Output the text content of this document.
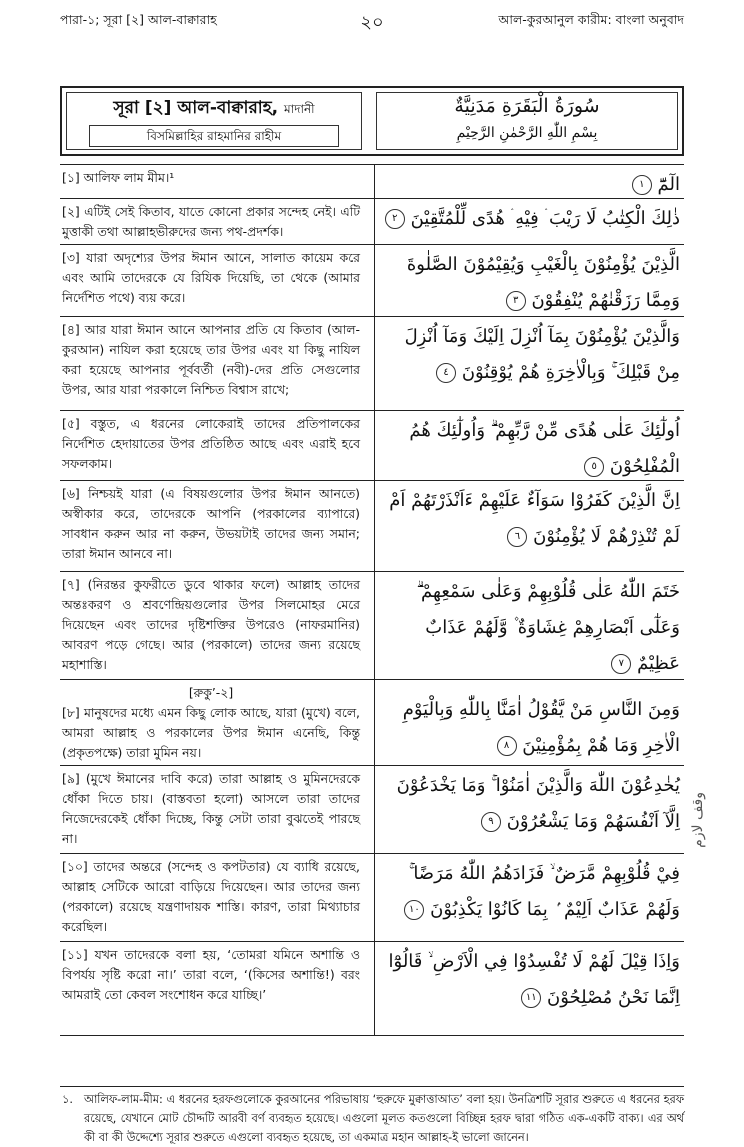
পারা-১; সূরা [২] আল-বাক্বারাহ	২০	আল-কুরআনুল কারীম: বাংলা অনুবাদ
সূরা [২] আল-বাক্বারাহ, মাদানী
বিসমিল্লাহির রাহমানির রাহীম
سُورَةُ الْبَقَرَةِ مَدَنِيَّةٌ
بِسْمِ اللّٰهِ الرَّحْمٰنِ الرَّحِيْمِ
[১] আলিফ লাম মীম।¹	الٓمّٓ ١
[২] এটিই সেই কিতাব, যাতে কোনো প্রকার সন্দেহ নেই। এটি মুত্তাকী তথা আল্লাহভীরুদের জন্য পথ-প্রদর্শক।
ذٰلِكَ الْكِتٰبُ لَا رَيْبَ ۛ فِيْهِ ۛ هُدًى لِّلْمُتَّقِيْنَ ٢
[৩] যারা অদৃশ্যের উপর ঈমান আনে, সালাত কায়েম করে এবং আমি তাদেরকে যে রিযিক দিয়েছি, তা থেকে (আমার নির্দেশিত পথে) ব্যয় করে।
الَّذِيْنَ يُؤْمِنُوْنَ بِالْغَيْبِ وَيُقِيْمُوْنَ الصَّلٰوةَ وَمِمَّا رَزَقْنٰهُمْ يُنْفِقُوْنَ ٣
[৪] আর যারা ঈমান আনে আপনার প্রতি যে কিতাব (আল-কুরআন) নাযিল করা হয়েছে তার উপর এবং যা কিছু নাযিল করা হয়েছে আপনার পূর্ববর্তী (নবী)-দের প্রতি সেগুলোর উপর, আর যারা পরকালে নিশ্চিত বিশ্বাস রাখে;
وَالَّذِيْنَ يُؤْمِنُوْنَ بِمَآ اُنْزِلَ اِلَيْكَ وَمَآ اُنْزِلَ مِنْ قَبْلِكَ ۚ وَبِالْاٰخِرَةِ هُمْ يُوْقِنُوْنَ ٤
[৫] বস্তুত, এ ধরনের লোকেরাই তাদের প্রতিপালকের নির্দেশিত হেদায়াতের উপর প্রতিষ্ঠিত আছে এবং এরাই হবে সফলকাম।
اُولٰٓئِكَ عَلٰى هُدًى مِّنْ رَّبِّهِمْ ۗ وَاُولٰٓئِكَ هُمُ الْمُفْلِحُوْنَ ٥
[৬] নিশ্চয়ই যারা (এ বিষয়গুলোর উপর ঈমান আনতে) অস্বীকার করে, তাদেরকে আপনি (পরকালের ব্যাপারে) সাবধান করুন আর না করুন, উভয়টাই তাদের জন্য সমান; তারা ঈমান আনবে না।
اِنَّ الَّذِيْنَ كَفَرُوْا سَوَآءٌ عَلَيْهِمْ ءَاَنْذَرْتَهُمْ اَمْ لَمْ تُنْذِرْهُمْ لَا يُؤْمِنُوْنَ ٦
[৭] (নিরন্তর কুফরীতে ডুবে থাকার ফলে) আল্লাহ তাদের অন্তঃকরণ ও শ্রবণেন্দ্রিয়গুলোর উপর সিলমোহর মেরে দিয়েছেন এবং তাদের দৃষ্টিশক্তির উপরেও (নাফরমানির) আবরণ পড়ে গেছে। আর (পরকালে) তাদের জন্য রয়েছে মহাশাস্তি।
خَتَمَ اللّٰهُ عَلٰى قُلُوْبِهِمْ وَعَلٰى سَمْعِهِمْ ۗ وَعَلٰٓى اَبْصَارِهِمْ غِشَاوَةٌ ۫ وَّلَهُمْ عَذَابٌ عَظِيْمٌ ٧
[রুকু’-২]
[৮] মানুষদের মধ্যে এমন কিছু লোক আছে, যারা (মুখে) বলে, আমরা আল্লাহ ও পরকালের উপর ঈমান এনেছি, কিন্তু (প্রকৃতপক্ষে) তারা মুমিন নয়।
وَمِنَ النَّاسِ مَنْ يَّقُوْلُ اٰمَنَّا بِاللّٰهِ وَبِالْيَوْمِ الْاٰخِرِ وَمَا هُمْ بِمُؤْمِنِيْنَ ٨
[৯] (মুখে ঈমানের দাবি করে) তারা আল্লাহ ও মুমিনদেরকে ধোঁকা দিতে চায়। (বাস্তবতা হলো) আসলে তারা তাদের নিজেদেরকেই ধোঁকা দিচ্ছে, কিন্তু সেটা তারা বুঝতেই পারছে না।
يُخٰدِعُوْنَ اللّٰهَ وَالَّذِيْنَ اٰمَنُوْا ۚ وَمَا يَخْدَعُوْنَ اِلَّآ اَنْفُسَهُمْ وَمَا يَشْعُرُوْنَ ٩
[১০] তাদের অন্তরে (সন্দেহ ও কপটতার) যে ব্যাধি রয়েছে, আল্লাহ সেটিকে আরো বাড়িয়ে দিয়েছেন। আর তাদের জন্য (পরকালে) রয়েছে যন্ত্রণাদায়ক শাস্তি। কারণ, তারা মিথ্যাচার করেছিল।
فِيْ قُلُوْبِهِمْ مَّرَضٌ ۙ فَزَادَهُمُ اللّٰهُ مَرَضًا ۚ وَلَهُمْ عَذَابٌ اَلِيْمٌ ۢ بِمَا كَانُوْا يَكْذِبُوْنَ ١٠
[১১] যখন তাদেরকে বলা হয়, ‘তোমরা যমিনে অশান্তি ও বিপর্যয় সৃষ্টি করো না।’ তারা বলে, ‘(কিসের অশান্তি!) বরং আমরাই তো কেবল সংশোধন করে যাচ্ছি।’
وَاِذَا قِيْلَ لَهُمْ لَا تُفْسِدُوْا فِي الْاَرْضِ ۙ قَالُوْٓا اِنَّمَا نَحْنُ مُصْلِحُوْنَ ١١
وقف لازم
১. আলিফ-লাম-মীম: এ ধরনের হরফগুলোকে কুরআনের পরিভাষায় ‘হুরুফে মুক্বাত্তাআত’ বলা হয়। উনত্রিশটি সূরার শুরুতে এ ধরনের হরফ রয়েছে, যেখানে মোট চৌদ্দটি আরবী বর্ণ ব্যবহৃত হয়েছে। এগুলো মূলত কতগুলো বিচ্ছিন্ন হরফ দ্বারা গঠিত এক-একটি বাক্য। এর অর্থ কী বা কী উদ্দেশ্যে সূরার শুরুতে এগুলো ব্যবহৃত হয়েছে, তা একমাত্র মহান আল্লাহ-ই ভালো জানেন।
